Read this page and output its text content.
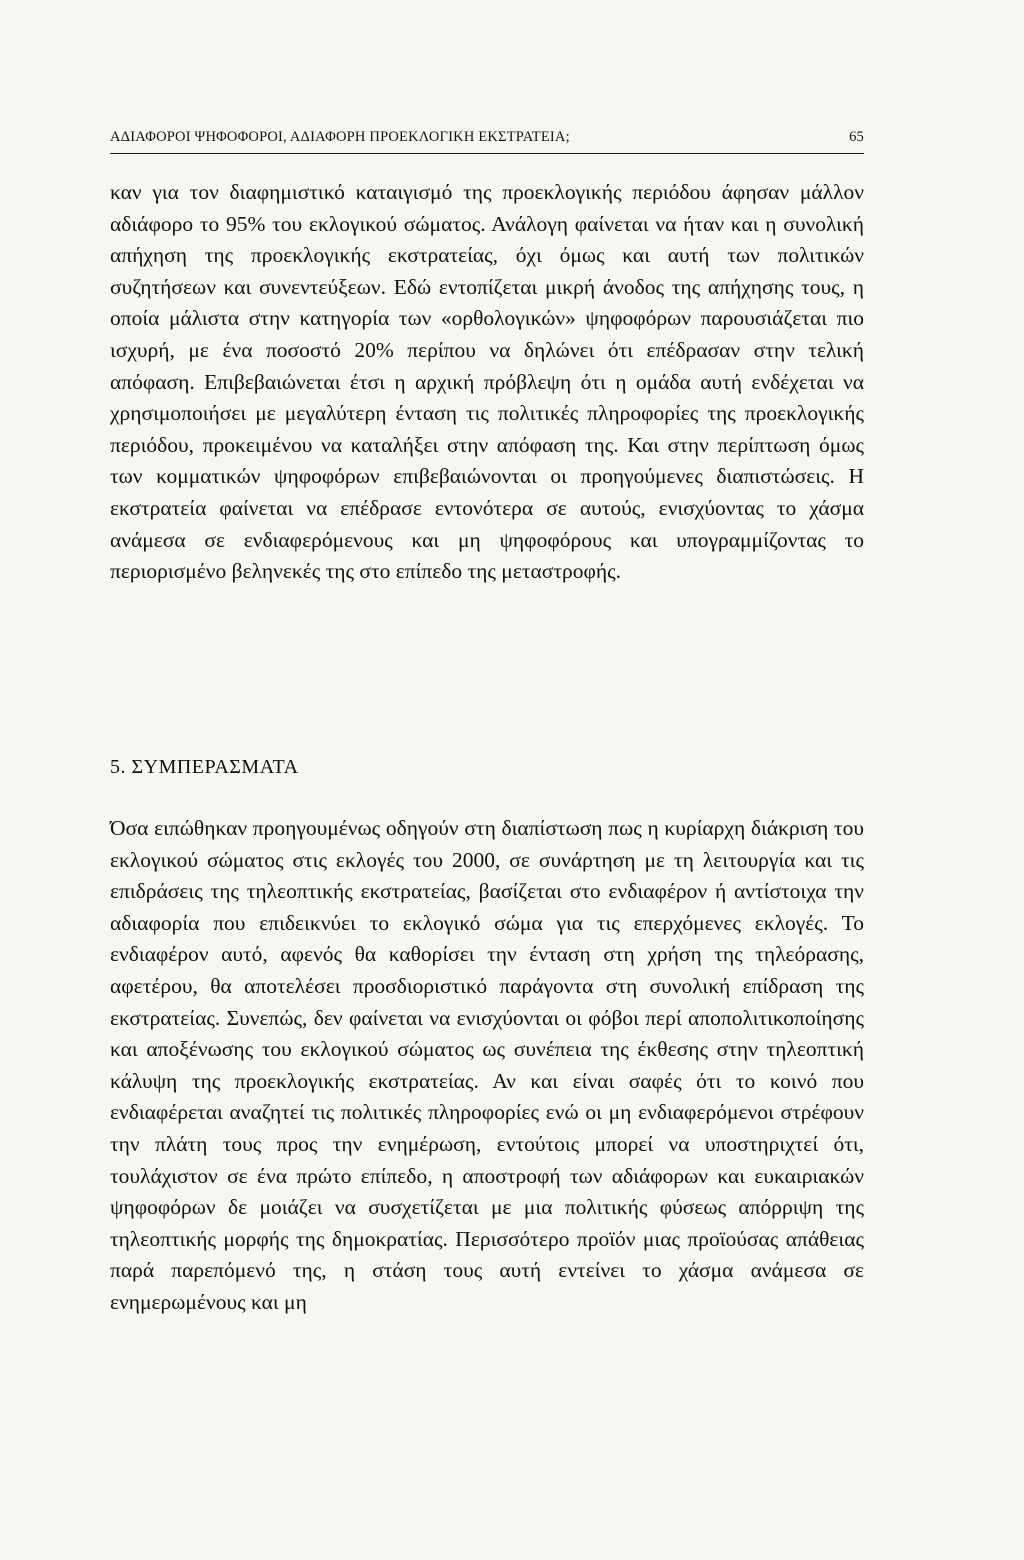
ΑΔΙΑΦΟΡΟΙ ΨΗΦΟΦΟΡΟΙ, ΑΔΙΑΦΟΡΗ ΠΡΟΕΚΛΟΓΙΚΗ ΕΚΣΤΡΑΤΕΙΑ;	65

καν για τον διαφημιστικό καταιγισμό της προεκλογικής περιόδου άφησαν μάλλον αδιάφορο το 95% του εκλογικού σώματος. Ανάλογη φαίνεται να ήταν και η συνολική απήχηση της προεκλογικής εκστρατείας, όχι όμως και αυτή των πολιτικών συζητήσεων και συνεντεύξεων. Εδώ εντοπίζεται μικρή άνοδος της απήχησης τους, η οποία μάλιστα στην κατηγορία των «ορθολογικών» ψηφοφόρων παρουσιάζεται πιο ισχυρή, με ένα ποσοστό 20% περίπου να δηλώνει ότι επέδρασαν στην τελική απόφαση. Επιβεβαιώνεται έτσι η αρχική πρόβλεψη ότι η ομάδα αυτή ενδέχεται να χρησιμοποιήσει με μεγαλύτερη ένταση τις πολιτικές πληροφορίες της προεκλογικής περιόδου, προκειμένου να καταλήξει στην απόφαση της. Και στην περίπτωση όμως των κομματικών ψηφοφόρων επιβεβαιώνονται οι προηγούμενες διαπιστώσεις. Η εκστρατεία φαίνεται να επέδρασε εντονότερα σε αυτούς, ενισχύοντας το χάσμα ανάμεσα σε ενδιαφερόμενους και μη ψηφοφόρους και υπογραμμίζοντας το περιορισμένο βεληνεκές της στο επίπεδο της μεταστροφής.

5. ΣΥΜΠΕΡΑΣΜΑΤΑ

Όσα ειπώθηκαν προηγουμένως οδηγούν στη διαπίστωση πως η κυρίαρχη διάκριση του εκλογικού σώματος στις εκλογές του 2000, σε συνάρτηση με τη λειτουργία και τις επιδράσεις της τηλεοπτικής εκστρατείας, βασίζεται στο ενδιαφέρον ή αντίστοιχα την αδιαφορία που επιδεικνύει το εκλογικό σώμα για τις επερχόμενες εκλογές. Το ενδιαφέρον αυτό, αφενός θα καθορίσει την ένταση στη χρήση της τηλεόρασης, αφετέρου, θα αποτελέσει προσδιοριστικό παράγοντα στη συνολική επίδραση της εκστρατείας. Συνεπώς, δεν φαίνεται να ενισχύονται οι φόβοι περί αποπολιτικοποίησης και αποξένωσης του εκλογικού σώματος ως συνέπεια της έκθεσης στην τηλεοπτική κάλυψη της προεκλογικής εκστρατείας. Αν και είναι σαφές ότι το κοινό που ενδιαφέρεται αναζητεί τις πολιτικές πληροφορίες ενώ οι μη ενδιαφερόμενοι στρέφουν την πλάτη τους προς την ενημέρωση, εντούτοις μπορεί να υποστηριχτεί ότι, τουλάχιστον σε ένα πρώτο επίπεδο, η αποστροφή των αδιάφορων και ευκαιριακών ψηφοφόρων δε μοιάζει να συσχετίζεται με μια πολιτικής φύσεως απόρριψη της τηλεοπτικής μορφής της δημοκρατίας. Περισσότερο προϊόν μιας προϊούσας απάθειας παρά παρεπόμενό της, η στάση τους αυτή εντείνει το χάσμα ανάμεσα σε ενημερωμένους και μη
